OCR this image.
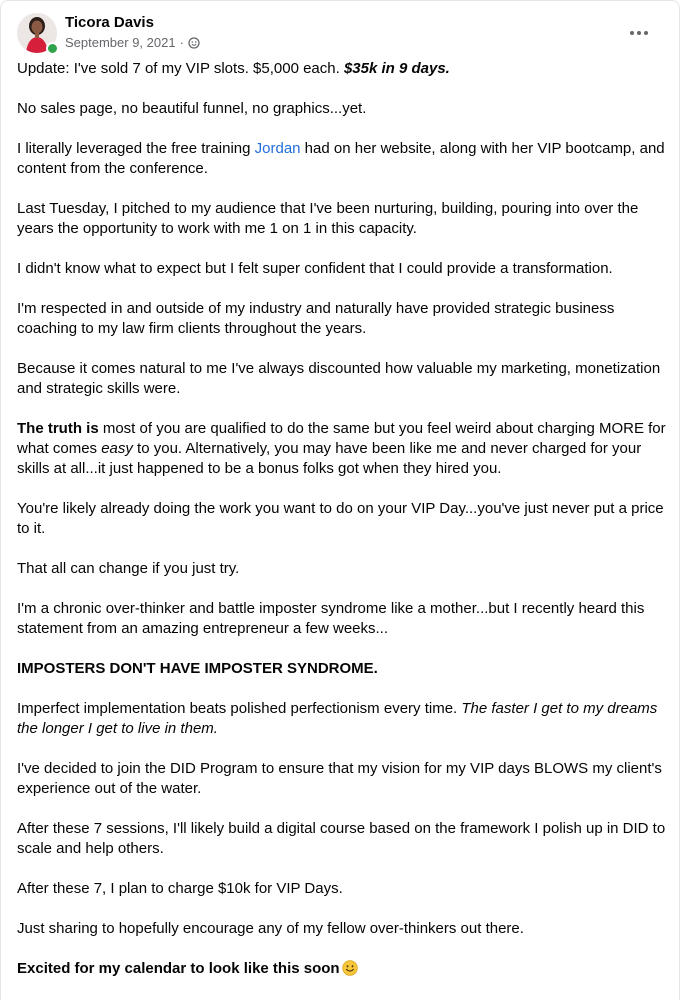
Ticora Davis
September 9, 2021 ·

Update: I've sold 7 of my VIP slots. $5,000 each. $35k in 9 days.

No sales page, no beautiful funnel, no graphics...yet.

I literally leveraged the free training Jordan had on her website, along with her VIP bootcamp, and content from the conference.

Last Tuesday, I pitched to my audience that I've been nurturing, building, pouring into over the years the opportunity to work with me 1 on 1 in this capacity.

I didn't know what to expect but I felt super confident that I could provide a transformation.

I'm respected in and outside of my industry and naturally have provided strategic business coaching to my law firm clients throughout the years.

Because it comes natural to me I've always discounted how valuable my marketing, monetization and strategic skills were.

The truth is most of you are qualified to do the same but you feel weird about charging MORE for what comes easy to you. Alternatively, you may have been like me and never charged for your skills at all...it just happened to be a bonus folks got when they hired you.

You're likely already doing the work you want to do on your VIP Day...you've just never put a price to it.

That all can change if you just try.

I'm a chronic over-thinker and battle imposter syndrome like a mother...but I recently heard this statement from an amazing entrepreneur a few weeks...

IMPOSTERS DON'T HAVE IMPOSTER SYNDROME.

Imperfect implementation beats polished perfectionism every time. The faster I get to my dreams the longer I get to live in them.

I've decided to join the DID Program to ensure that my vision for my VIP days BLOWS my client's experience out of the water.

After these 7 sessions, I'll likely build a digital course based on the framework I polish up in DID to scale and help others.

After these 7, I plan to charge $10k for VIP Days.

Just sharing to hopefully encourage any of my fellow over-thinkers out there.

Excited for my calendar to look like this soon
